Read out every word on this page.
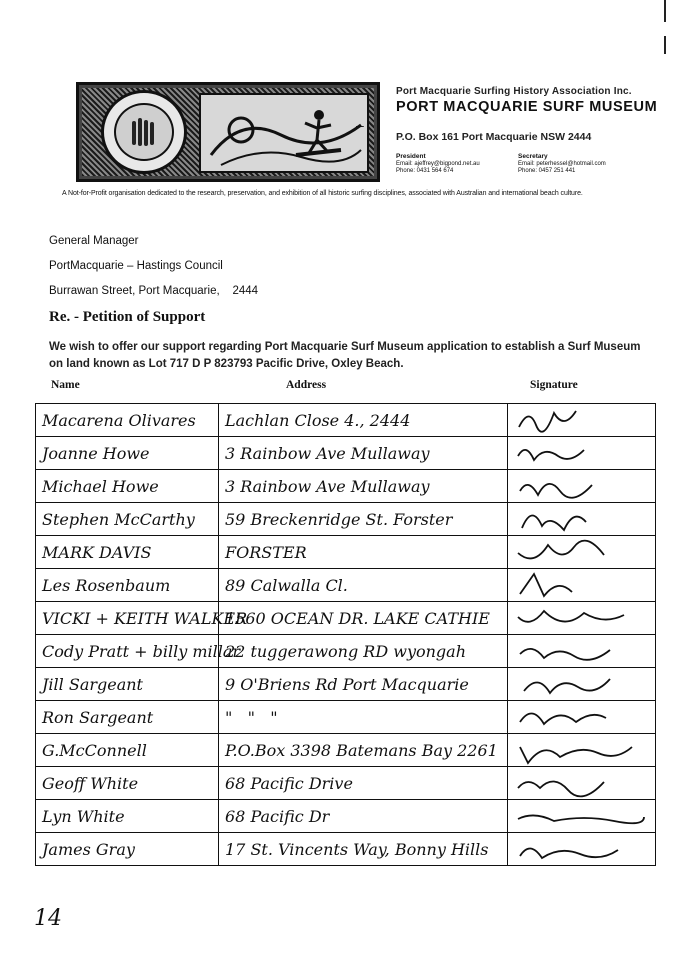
–
Port Macquarie Surfing History Association Inc.
PORT MACQUARIE SURF MUSEUM
P.O. Box 161 Port Macquarie NSW 2444
President
Email: ajeffrey@bigpond.net.au
Phone: 0431 564 674
Secretary
Email: peterhessel@hotmail.com
Phone: 0457 251 441
A Not-for-Profit organisation dedicated to the research, preservation, and exhibition of all historic surfing disciplines, associated with Australian and international beach culture.
General Manager
PortMacquarie – Hastings Council
Burrawan Street, Port Macquarie,    2444
Re. - Petition of Support
We wish to offer our support regarding Port Macquarie Surf Museum application to establish a Surf Museum on land known as Lot 717 D P 823793 Pacific Drive, Oxley Beach.
Name	Address	Signature
Macarena Olivares	Lachlan Close 4., 2444	
Joanne Howe	3 Rainbow Ave Mullaway	
Michael Howe	3 Rainbow Ave Mullaway	
Stephen McCarthy	59 Breckenridge St. Forster	
MARK DAVIS	FORSTER	
Les Rosenbaum	89 Calwalla Cl.	
VICKI + KEITH WALKER	1560 OCEAN DR. LAKE CATHIE	
Cody Pratt + billy millar	22 tuggerawong RD wyongah	
Jill Sargeant	9 O'Briens Rd Port Macquarie	
Ron Sargeant	"   "   "	
G.McConnell	P.O.Box 3398 Batemans Bay 2261	
Geoff White	68 Pacific Drive	
Lyn White	68 Pacific Dr	
James Gray	17 St. Vincents Way, Bonny Hills	
14
